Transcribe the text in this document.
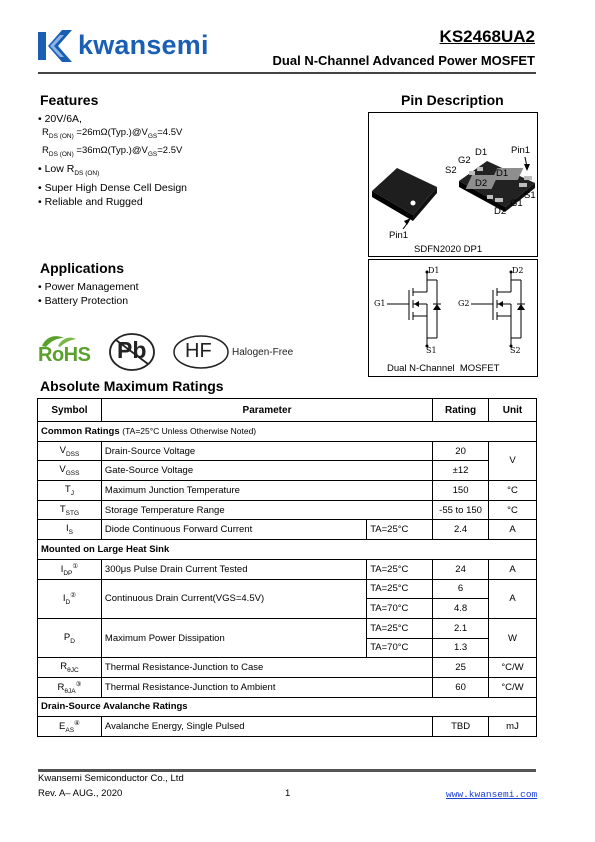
kwansemi	KS2468UA2
Dual N-Channel Advanced Power MOSFET
Features
• 20V/6A,
$R_{DS (ON)}$ $=26m\Omega(Typ.)@V_{GS}=4.5V$
$R_{DS (ON)}$ $=36m\Omega(Typ.)@V_{GS}=2.5V$
• Low $R_{DS (ON)}$
• Super High Dense Cell Design
• Reliable and Rugged
Applications
• Power Management
• Battery Protection
RoHS Pb HF Halogen-Free
Pin Description
D1	Pin1
G2
S2
D2
D1
S1
G1
D2
Pin1
SDFN2020 DP1
D1	D2
G1	G2
S1	S2
Dual N-Channel  MOSFET
Absolute Maximum Ratings
Symbol	Parameter		Rating	Unit
Common Ratings (TA=25°C Unless Otherwise Noted)				
$V_{DSS}$	Drain-Source Voltage		20	V
$V_{GSS}$	Gate-Source Voltage		±12	
$T_J$	Maximum Junction Temperature		150	°C
$T_{STG}$	Storage Temperature Range		-55 to 150	°C
$I_S$	Diode Continuous Forward Current	TA=25°C	2.4	A
Mounted on Large Heat Sink				
$I_{DP}^①$	300μs Pulse Drain Current Tested	TA=25°C	24	A
$I_D^②$	Continuous Drain Current(VGS=4.5V)	TA=25°C	6	A
		TA=70°C	4.8	
$P_D$	Maximum Power Dissipation	TA=25°C	2.1	W
		TA=70°C	1.3	
$R_{\theta JC}$	Thermal Resistance-Junction to Case		25	°C/W
$R_{\theta JA}^③$	Thermal Resistance-Junction to Ambient		60	°C/W
Drain-Source Avalanche Ratings				
$E_{AS}^④$	Avalanche Energy, Single Pulsed		TBD	mJ
Kwansemi Semiconductor Co., Ltd
Rev. A– AUG., 2020	1	www.kwansemi.com
